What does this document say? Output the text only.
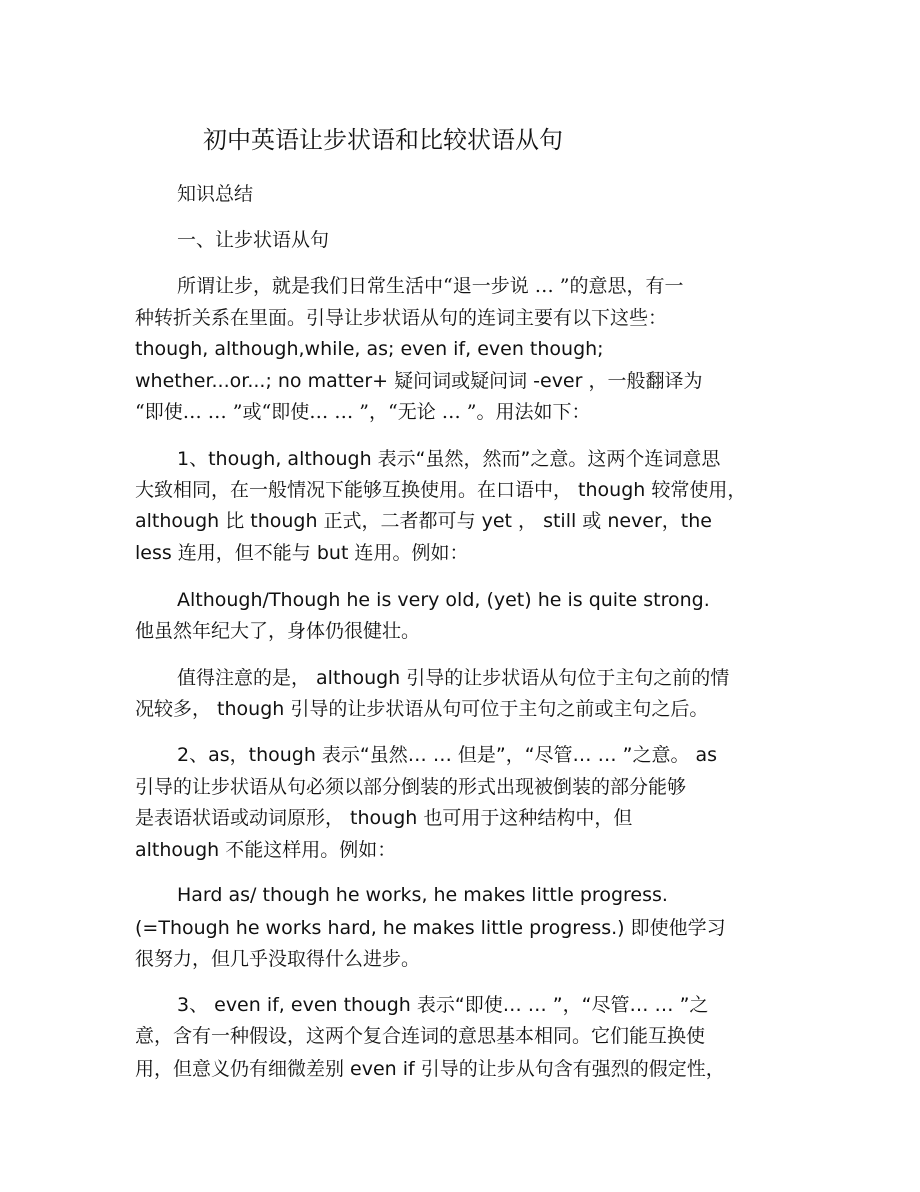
初中英语让步状语和比较状语从句
知识总结
一、让步状语从句
所谓让步，就是我们日常生活中“退一步说 … ”的意思，有一
种转折关系在里面。引导让步状语从句的连词主要有以下这些：
though, although,while, as; even if, even though;
whether...or...; no matter+ 疑问词或疑问词 -ever ，一般翻译为
“即使… … ”或“即使… … ”，“无论 … ”。用法如下：
1、though, although 表示“虽然，然而”之意。这两个连词意思
大致相同，在一般情况下能够互换使用。在口语中， though 较常使用，
although 比 though 正式，二者都可与 yet ， still 或 never，the
less 连用，但不能与 but 连用。例如：
Although/Though he is very old, (yet) he is quite strong.
他虽然年纪大了，身体仍很健壮。
值得注意的是， although 引导的让步状语从句位于主句之前的情
况较多， though 引导的让步状语从句可位于主句之前或主句之后。
2、as，though 表示“虽然… … 但是”，“尽管… … ”之意。 as
引导的让步状语从句必须以部分倒装的形式出现被倒装的部分能够
是表语状语或动词原形， though 也可用于这种结构中，但
although 不能这样用。例如：
Hard as/ though he works, he makes little progress.
(=Though he works hard, he makes little progress.) 即使他学习
很努力，但几乎没取得什么进步。
3、 even if, even though 表示“即使… … ”，“尽管… … ”之
意，含有一种假设，这两个复合连词的意思基本相同。它们能互换使
用，但意义仍有细微差别 even if 引导的让步从句含有强烈的假定性，
